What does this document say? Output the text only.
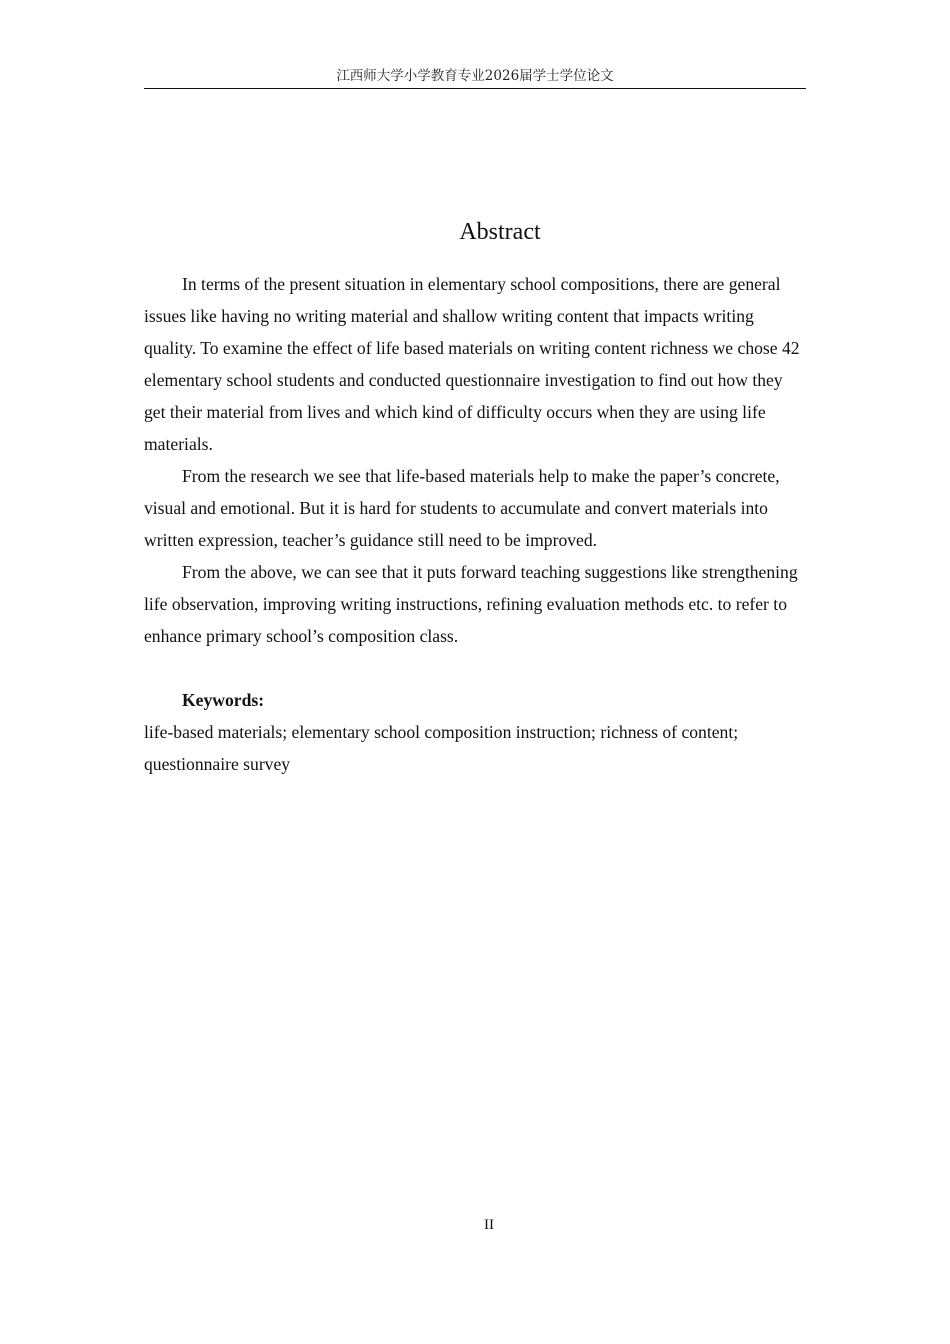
江西师大学小学教育专业2026届学士学位论文
Abstract

In terms of the present situation in elementary school compositions, there are general issues like having no writing material and shallow writing content that impacts writing quality. To examine the effect of life based materials on writing content richness we chose 42 elementary school students and conducted questionnaire investigation to find out how they get their material from lives and which kind of difficulty occurs when they are using life materials.

From the research we see that life-based materials help to make the paper’s concrete, visual and emotional. But it is hard for students to accumulate and convert materials into written expression, teacher’s guidance still need to be improved.

From the above, we can see that it puts forward teaching suggestions like strengthening life observation, improving writing instructions, refining evaluation methods etc. to refer to enhance primary school’s composition class.

Keywords:
life-based materials; elementary school composition instruction; richness of content; questionnaire survey
II
